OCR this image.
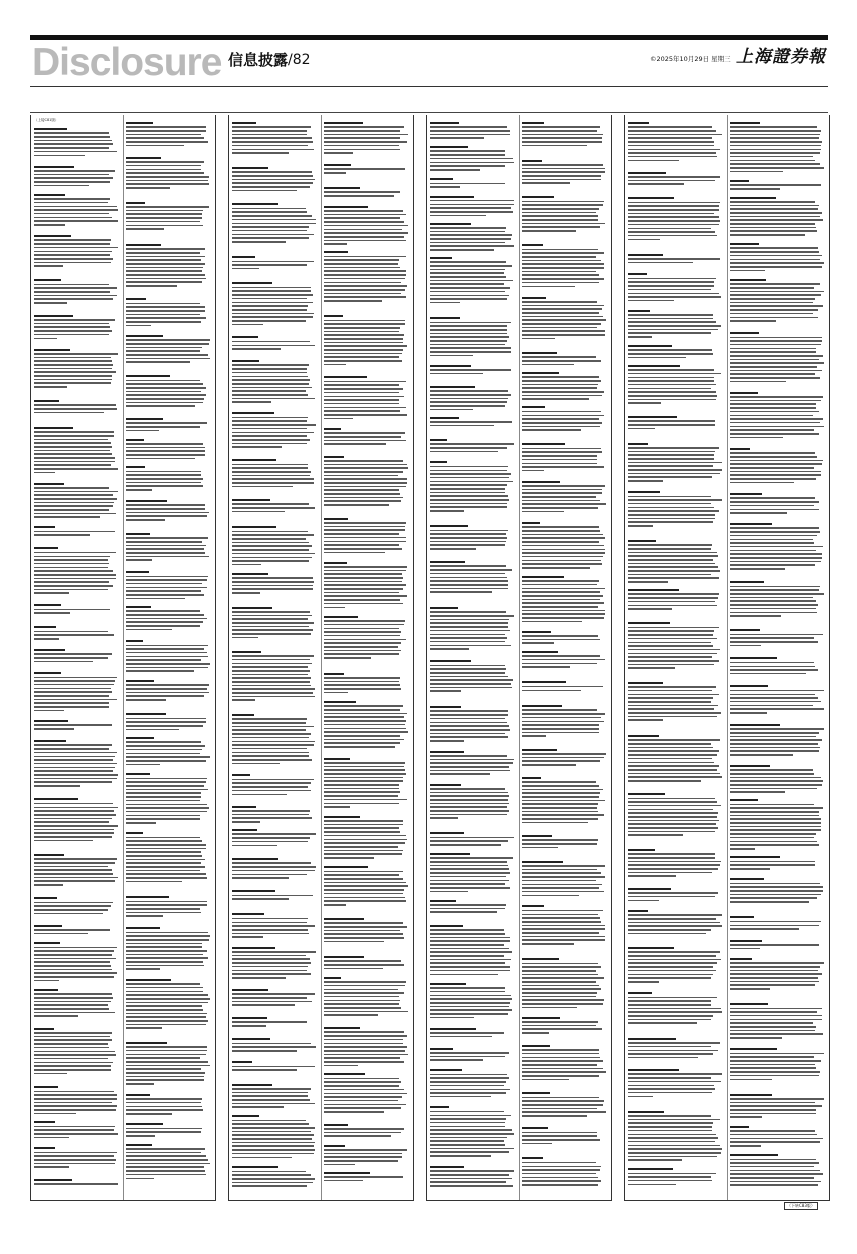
Disclosure 信息披露 /82	©2025年10月29日 星期三 上海證券報
（上接C81版）
（下转C83版）
